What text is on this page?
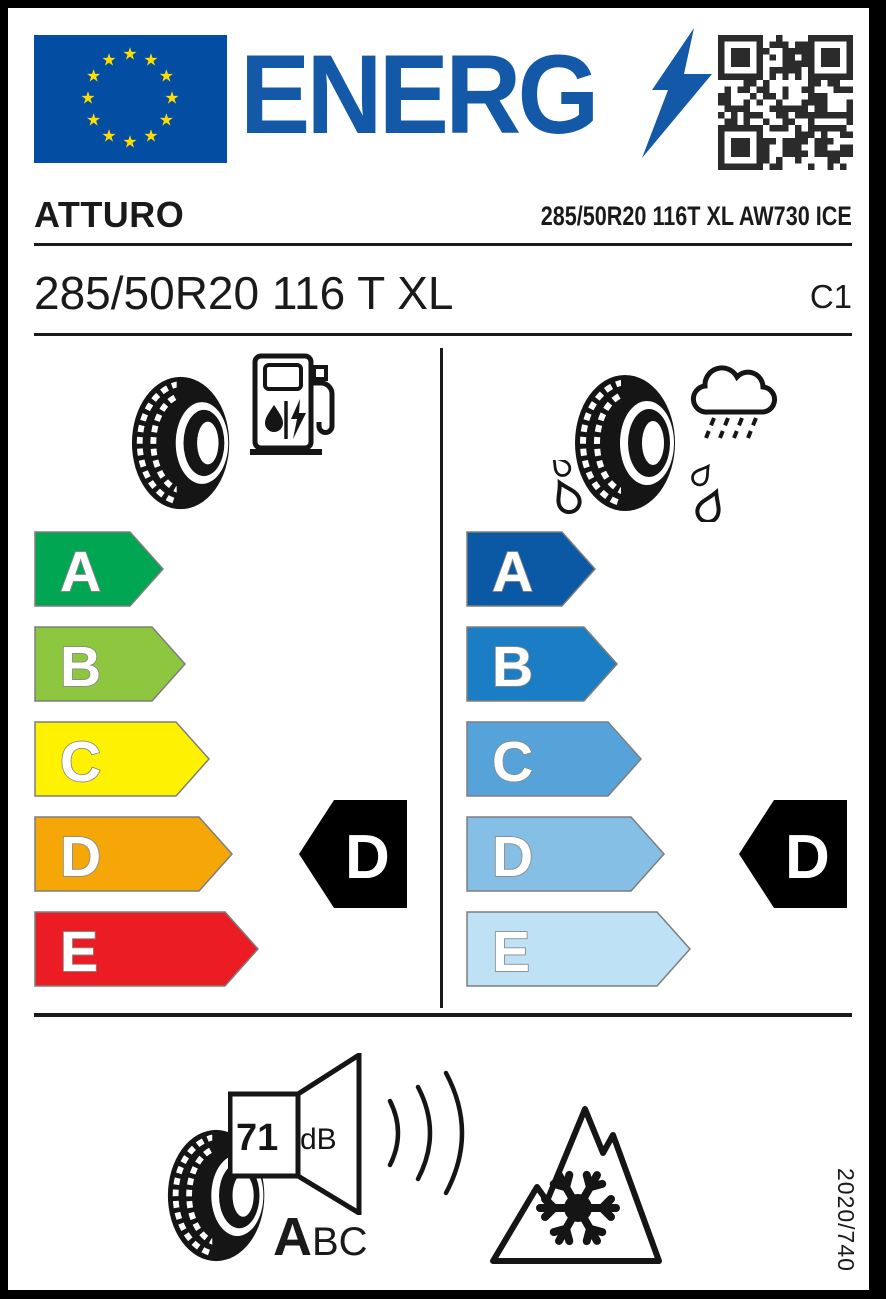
★ ★
★
★
★
★
★
★
★
★
★
★ ENERG
ATTURO	285/50R20 116T XL AW730 ICE
285/50R20 116 T XL	C1
A
B
C
D
E
D
A
B
C
D
E
D
71 dB
ABC	2020/740
